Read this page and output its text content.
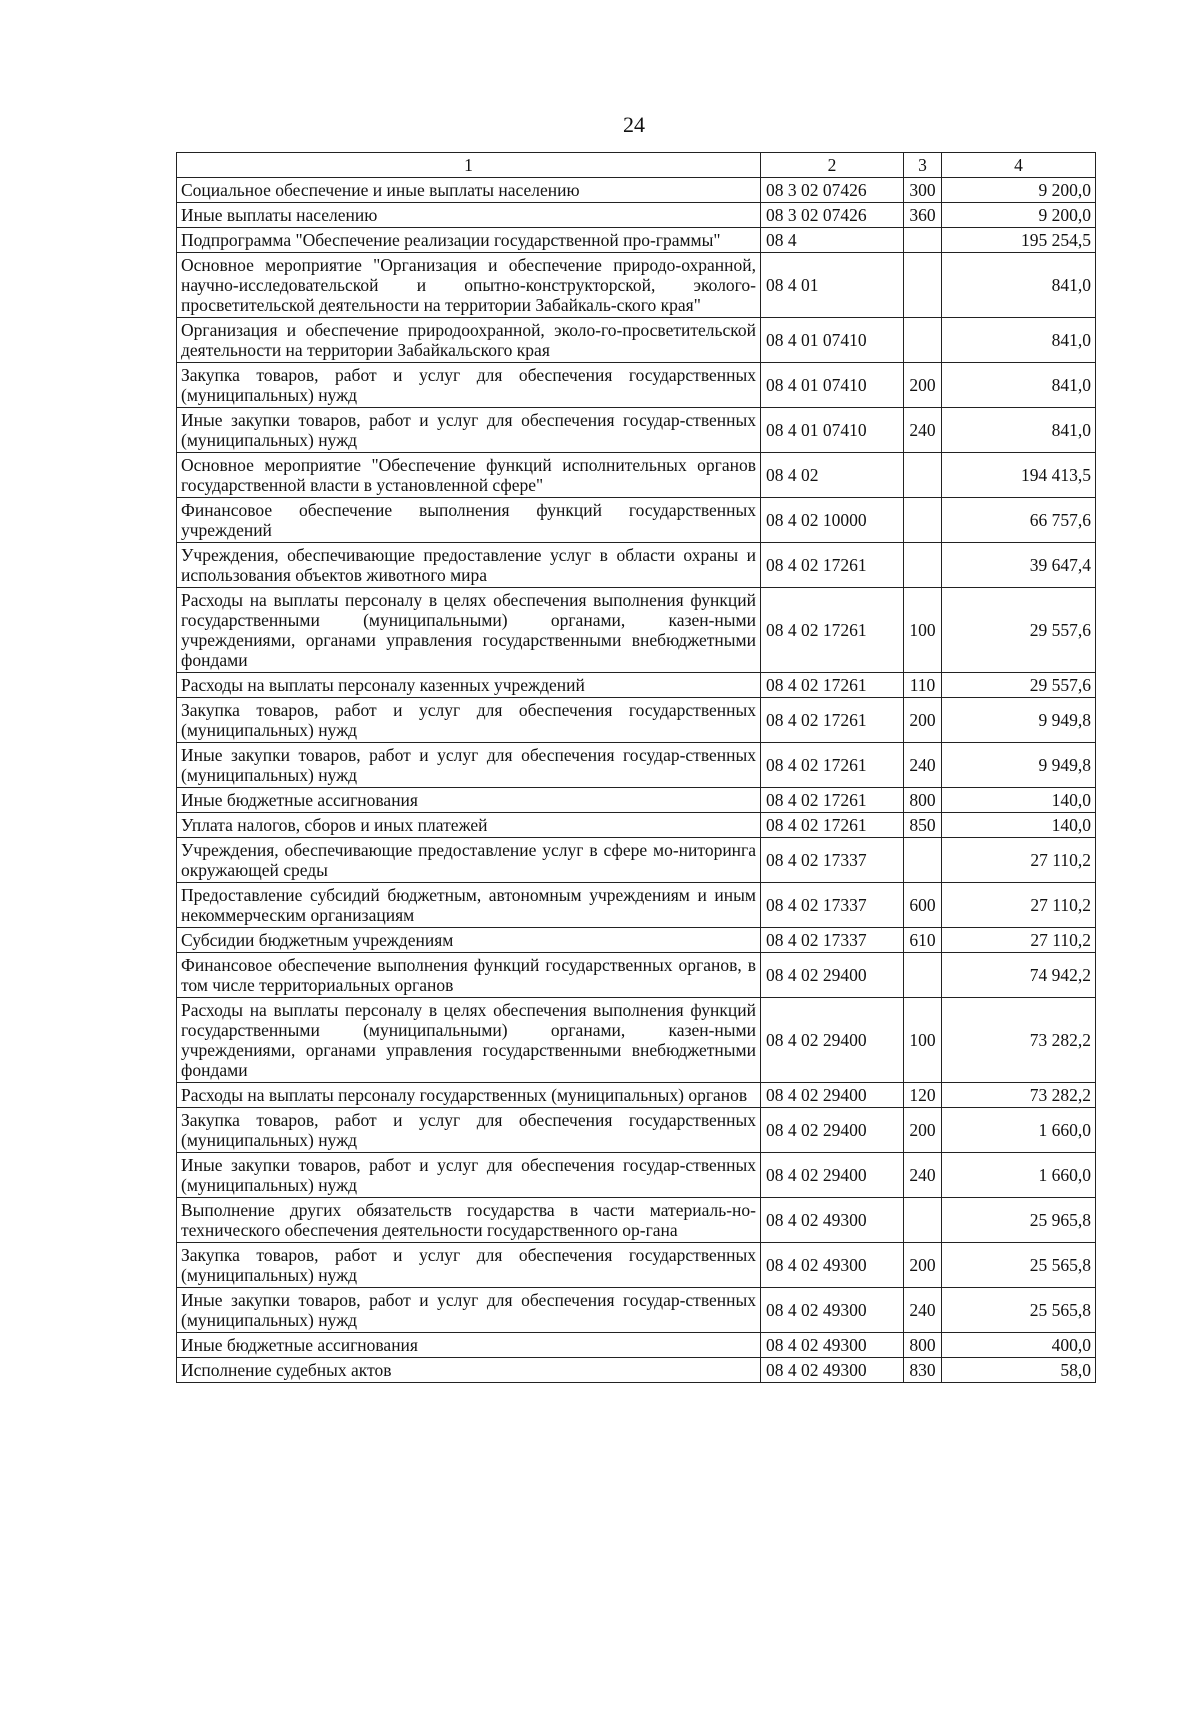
24
1	2	3	4
Социальное обеспечение и иные выплаты населению	08 3 02 07426	300	9 200,0
Иные выплаты населению	08 3 02 07426	360	9 200,0
Подпрограмма "Обеспечение реализации государственной про-граммы"	08 4		195 254,5
Основное мероприятие "Организация и обеспечение природо-охранной, научно-исследовательской и опытно-конструкторской, эколого-просветительской деятельности на территории Забайкаль-ского края"	08 4 01		841,0
Организация и обеспечение природоохранной, эколо-го-просветительской деятельности на территории Забайкальского края	08 4 01 07410		841,0
Закупка товаров, работ и услуг для обеспечения государственных (муниципальных) нужд	08 4 01 07410	200	841,0
Иные закупки товаров, работ и услуг для обеспечения государ-ственных (муниципальных) нужд	08 4 01 07410	240	841,0
Основное мероприятие "Обеспечение функций исполнительных органов государственной власти в установленной сфере"	08 4 02		194 413,5
Финансовое обеспечение выполнения функций государственных учреждений	08 4 02 10000		66 757,6
Учреждения, обеспечивающие предоставление услуг в области охраны и использования объектов животного мира	08 4 02 17261		39 647,4
Расходы на выплаты персоналу в целях обеспечения выполнения функций государственными (муниципальными) органами, казен-ными учреждениями, органами управления государственными внебюджетными фондами	08 4 02 17261	100	29 557,6
Расходы на выплаты персоналу казенных учреждений	08 4 02 17261	110	29 557,6
Закупка товаров, работ и услуг для обеспечения государственных (муниципальных) нужд	08 4 02 17261	200	9 949,8
Иные закупки товаров, работ и услуг для обеспечения государ-ственных (муниципальных) нужд	08 4 02 17261	240	9 949,8
Иные бюджетные ассигнования	08 4 02 17261	800	140,0
Уплата налогов, сборов и иных платежей	08 4 02 17261	850	140,0
Учреждения, обеспечивающие предоставление услуг в сфере мо-ниторинга окружающей среды	08 4 02 17337		27 110,2
Предоставление субсидий бюджетным, автономным учреждениям и иным некоммерческим организациям	08 4 02 17337	600	27 110,2
Субсидии бюджетным учреждениям	08 4 02 17337	610	27 110,2
Финансовое обеспечение выполнения функций государственных органов, в том числе территориальных органов	08 4 02 29400		74 942,2
Расходы на выплаты персоналу в целях обеспечения выполнения функций государственными (муниципальными) органами, казен-ными учреждениями, органами управления государственными внебюджетными фондами	08 4 02 29400	100	73 282,2
Расходы на выплаты персоналу государственных (муниципальных) органов	08 4 02 29400	120	73 282,2
Закупка товаров, работ и услуг для обеспечения государственных (муниципальных) нужд	08 4 02 29400	200	1 660,0
Иные закупки товаров, работ и услуг для обеспечения государ-ственных (муниципальных) нужд	08 4 02 29400	240	1 660,0
Выполнение других обязательств государства в части материаль-но-технического обеспечения деятельности государственного ор-гана	08 4 02 49300		25 965,8
Закупка товаров, работ и услуг для обеспечения государственных (муниципальных) нужд	08 4 02 49300	200	25 565,8
Иные закупки товаров, работ и услуг для обеспечения государ-ственных (муниципальных) нужд	08 4 02 49300	240	25 565,8
Иные бюджетные ассигнования	08 4 02 49300	800	400,0
Исполнение судебных актов	08 4 02 49300	830	58,0
